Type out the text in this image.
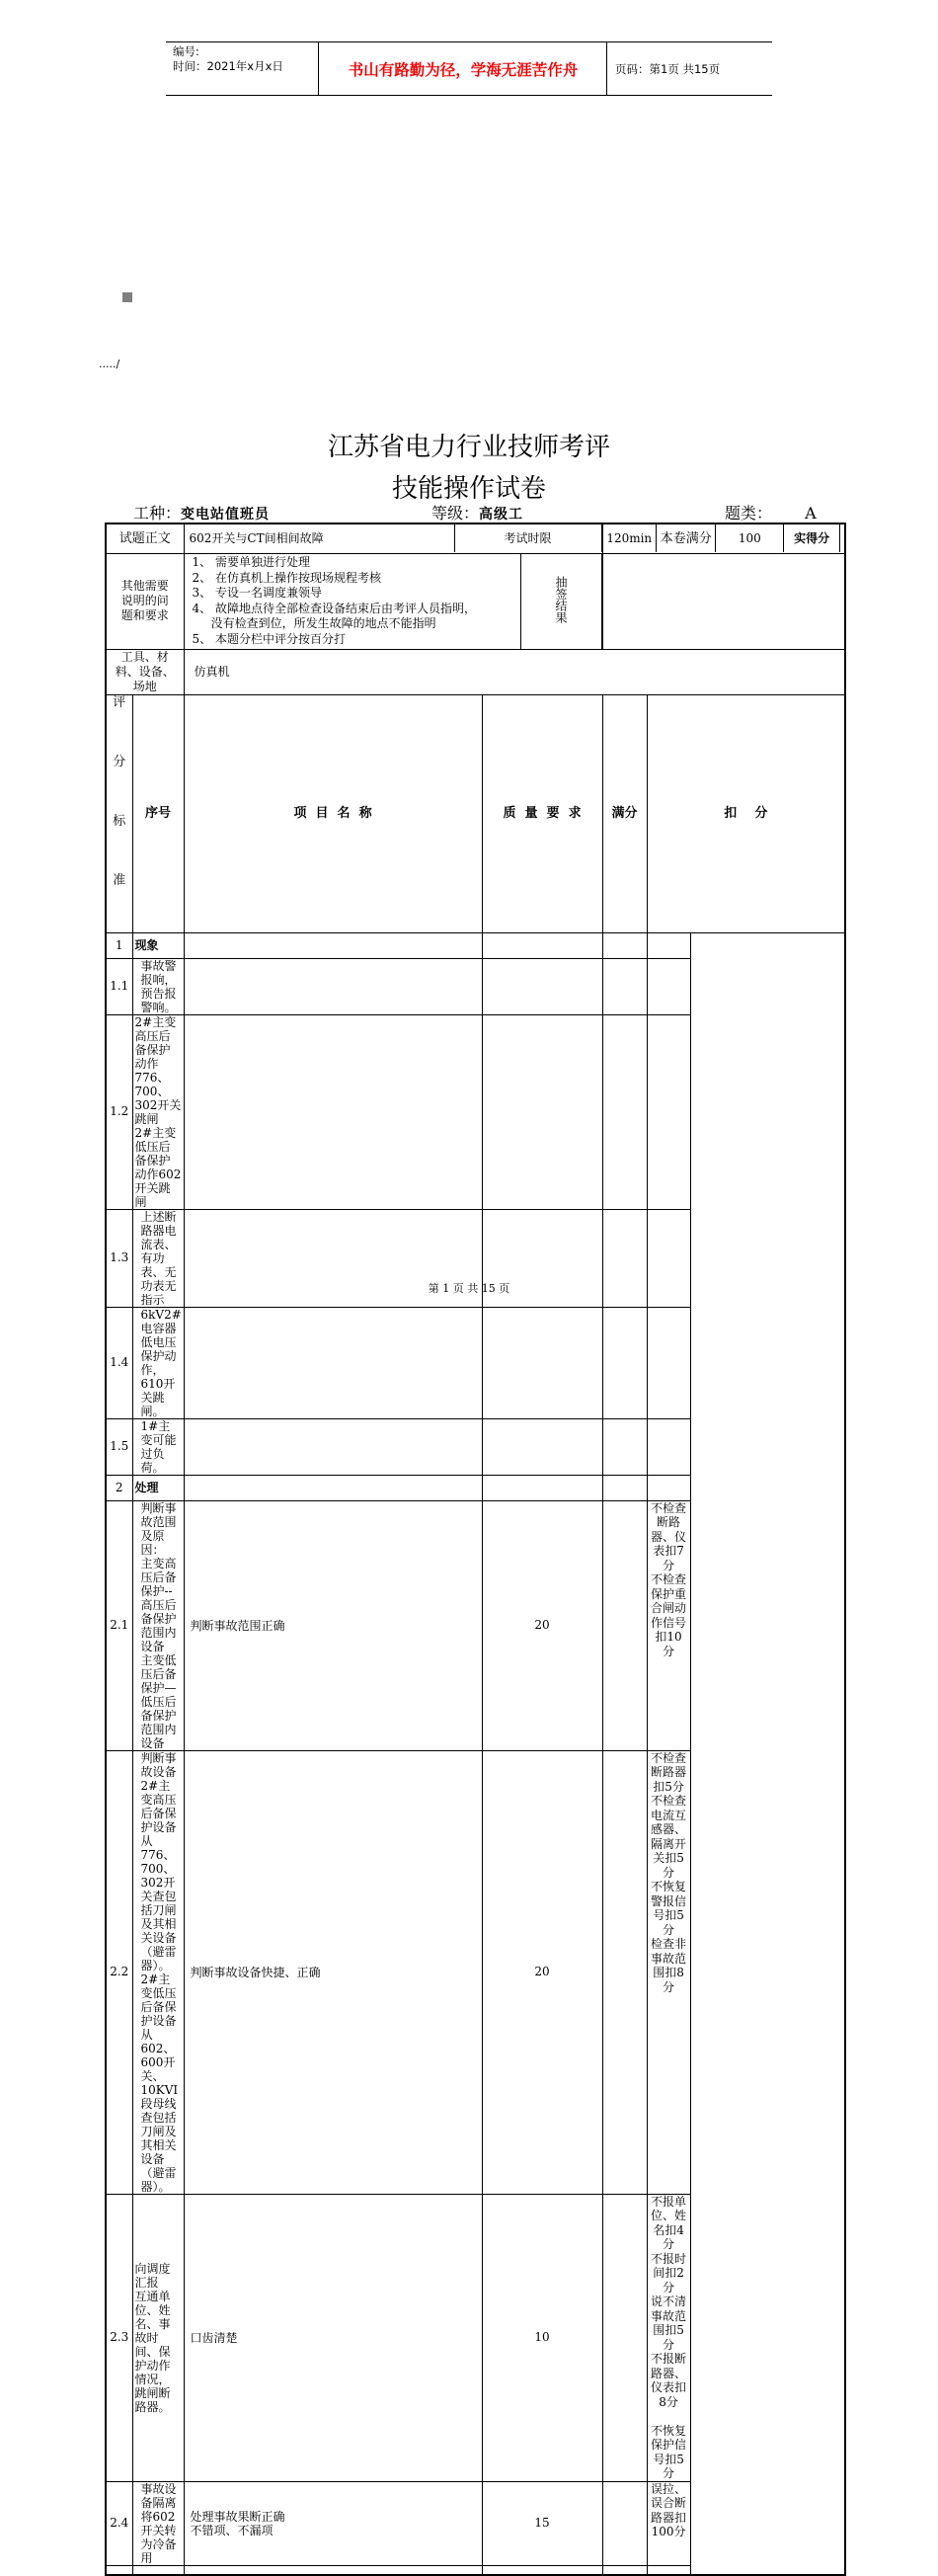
编号:
时间：2021年x月x日	书山有路勤为径，学海无涯苦作舟	页码：第1页 共15页
...../
江苏省电力行业技师考评
技能操作试卷
工种：变电站值班员	等级：高级工	题类： A
试题正文	602开关与CT间相间故障	考试时限
		120min	本卷满分	100	实得分	

其他需要说明的问题和要求	
1、 需要单独进行处理
2、 在仿真机上操作按现场规程考核
3、 专设一名调度兼领导
4、 故障地点待全部检查设备结束后由考评人员指明，
没有检查到位，所发生故障的地点不能指明
5、 本题分栏中评分按百分打
	抽签结果

工具、材料、设备、场地	仿真机

评
分
标
准
	序号	项  目  名  称	质  量  要  求	满分	扣    分
1	现象				
1.1	事故警报响，预告报警响。				
1.2	2#主变高压后备保护动作776、700、302开关跳闸
2#主变低压后备保护动作602开关跳闸				
1.3	上述断路器电流表、有功表、无功表无指示				
1.4	6kV2#电容器低电压保护动作，610开关跳闸。				
1.5	1#主变可能过负荷。				
2	处理				
2.1	判断事故范围及原因：
主变高压后备保护--高压后备保护范围内设备
主变低压后备保护—低压后备保护范围内设备	判断事故范围正确	20		不检查断路器、仪表扣7分
不检查保护重合闸动作信号扣10分
2.2	判断事故设备
2#主变高压后备保护设备从776、700、302开关查包括刀闸及其相关设备（避雷器）。
2#主变低压后备保护设备从602、600开关、10KVI段母线查包括刀闸及其相关设备（避雷器）。	判断事故设备快捷、正确	20		不检查断路器扣5分
不检查电流互感器、隔离开关扣5分
不恢复警报信号扣5分
检查非事故范围扣8分
2.3	向调度汇报
互通单位、姓名、事故时间、保护动作情况，跳闸断路器。	口齿清楚	10		不报单位、姓名扣4分
不报时间扣2分
说不清事故范围扣5分
不报断路器、仪表扣8分

不恢复保护信号扣5分
2.4	事故设备隔离
将602开关转为冷备用	处理事故果断正确
不错项、不漏项	15		误拉、误合断路器扣100分

第 1 页 共 15 页
